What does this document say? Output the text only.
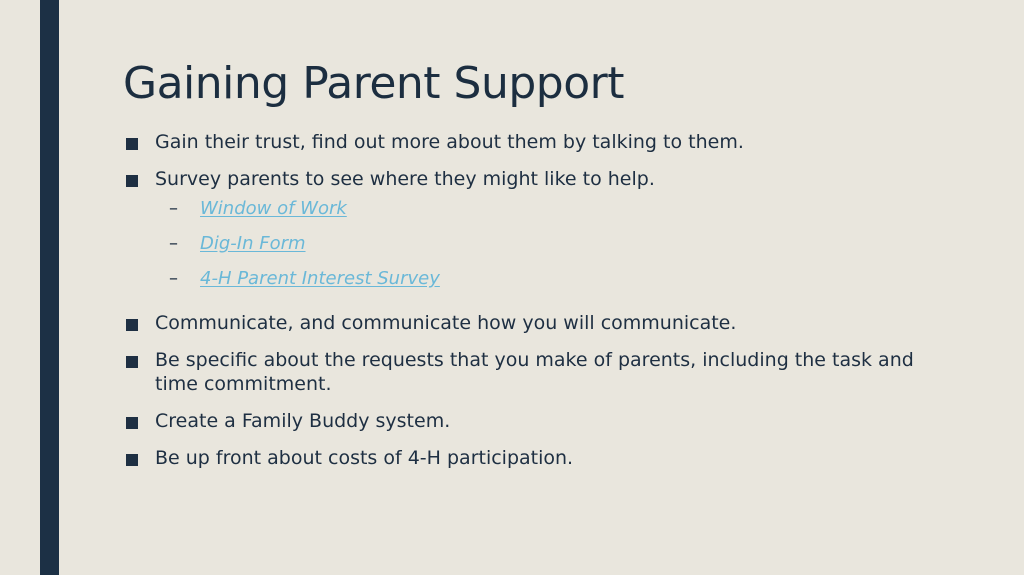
Gaining Parent Support
Gain their trust, find out more about them by talking to them.
Survey parents to see where they might like to help.
– Window of Work
– Dig-In Form
– 4-H Parent Interest Survey
Communicate, and communicate how you will communicate.
Be specific about the requests that you make of parents, including the task and time commitment.
Create a Family Buddy system.
Be up front about costs of 4-H participation.
